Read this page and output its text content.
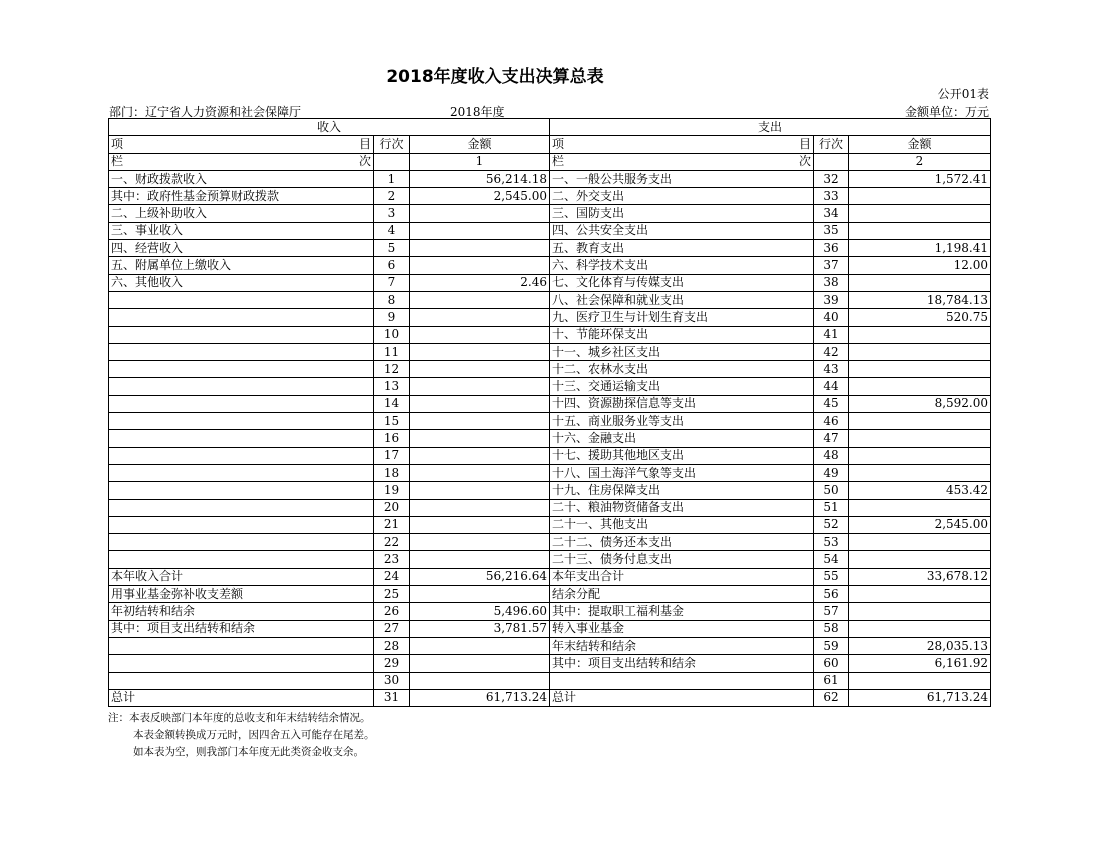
2018年度收入支出决算总表
公开01表
部门：辽宁省人力资源和社会保障厅	2018年度	金额单位：万元
收入			支出		

项 目	行次	金额	项 目	行次	金额

栏 次		1	栏 次		2
一、财政拨款收入	1	56,214.18	一、一般公共服务支出	32	1,572.41
其中：政府性基金预算财政拨款	2	2,545.00	二、外交支出	33	
二、上级补助收入	3		三、国防支出	34	
三、事业收入	4		四、公共安全支出	35	
四、经营收入	5		五、教育支出	36	1,198.41
五、附属单位上缴收入	6		六、科学技术支出	37	12.00
六、其他收入	7	2.46	七、文化体育与传媒支出	38	
	8		八、社会保障和就业支出	39	18,784.13
	9		九、医疗卫生与计划生育支出	40	520.75
	10		十、节能环保支出	41	
	11		十一、城乡社区支出	42	
	12		十二、农林水支出	43	
	13		十三、交通运输支出	44	
	14		十四、资源勘探信息等支出	45	8,592.00
	15		十五、商业服务业等支出	46	
	16		十六、金融支出	47	
	17		十七、援助其他地区支出	48	
	18		十八、国土海洋气象等支出	49	
	19		十九、住房保障支出	50	453.42
	20		二十、粮油物资储备支出	51	
	21		二十一、其他支出	52	2,545.00
	22		二十二、债务还本支出	53	
	23		二十三、债务付息支出	54	
本年收入合计	24	56,216.64	本年支出合计	55	33,678.12
用事业基金弥补收支差额	25		结余分配	56	
年初结转和结余	26	5,496.60	其中：提取职工福利基金	57	
其中：项目支出结转和结余	27	3,781.57	转入事业基金	58	
	28		年末结转和结余	59	28,035.13
	29		其中：项目支出结转和结余	60	6,161.92
	30			61	
总计	31	61,713.24	总计	62	61,713.24
注：本表反映部门本年度的总收支和年末结转结余情况。
本表金额转换成万元时，因四舍五入可能存在尾差。
如本表为空，则我部门本年度无此类资金收支余。
